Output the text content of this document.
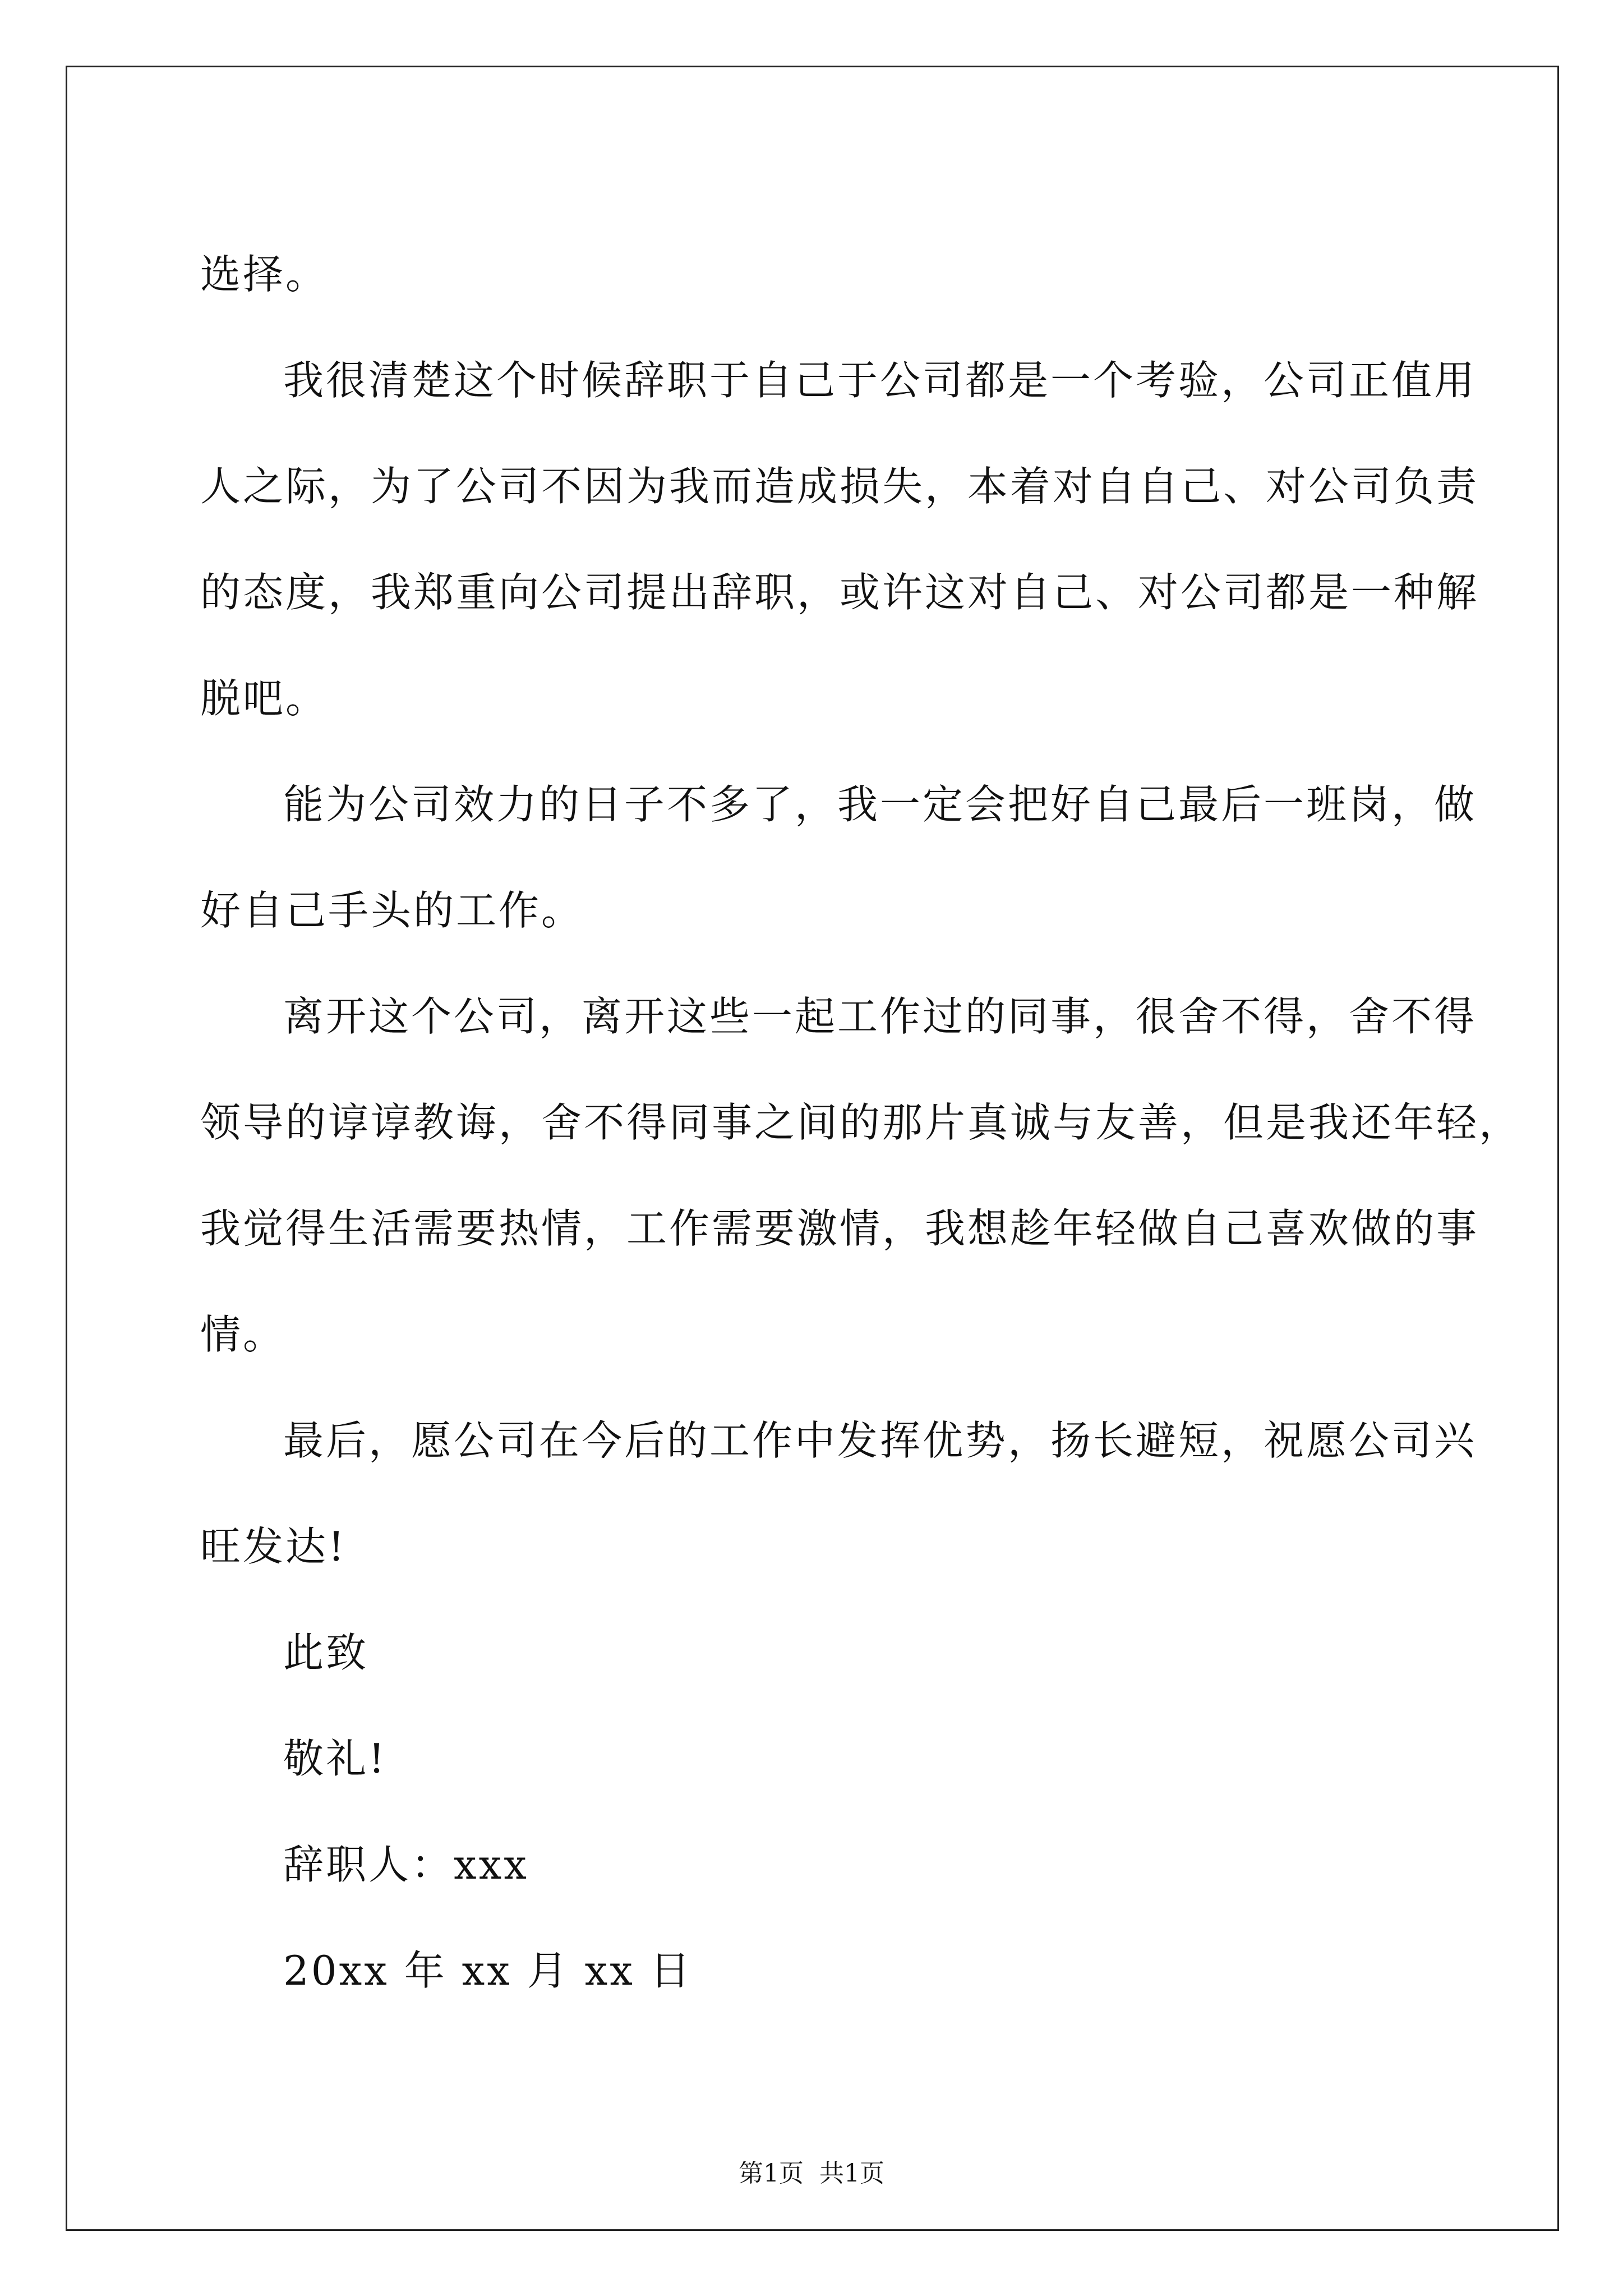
选择。
我很清楚这个时候辞职于自己于公司都是一个考验，公司正值用
人之际，为了公司不因为我而造成损失，本着对自自己、对公司负责
的态度，我郑重向公司提出辞职，或许这对自己、对公司都是一种解
脱吧。
能为公司效力的日子不多了，我一定会把好自己最后一班岗，做
好自己手头的工作。
离开这个公司，离开这些一起工作过的同事，很舍不得，舍不得
领导的谆谆教诲，舍不得同事之间的那片真诚与友善，但是我还年轻，
我觉得生活需要热情，工作需要激情，我想趁年轻做自己喜欢做的事
情。
最后，愿公司在今后的工作中发挥优势，扬长避短，祝愿公司兴
旺发达!
此致
敬礼!
辞职人：xxx
20xx 年 xx 月 xx 日
第1页  共1页
